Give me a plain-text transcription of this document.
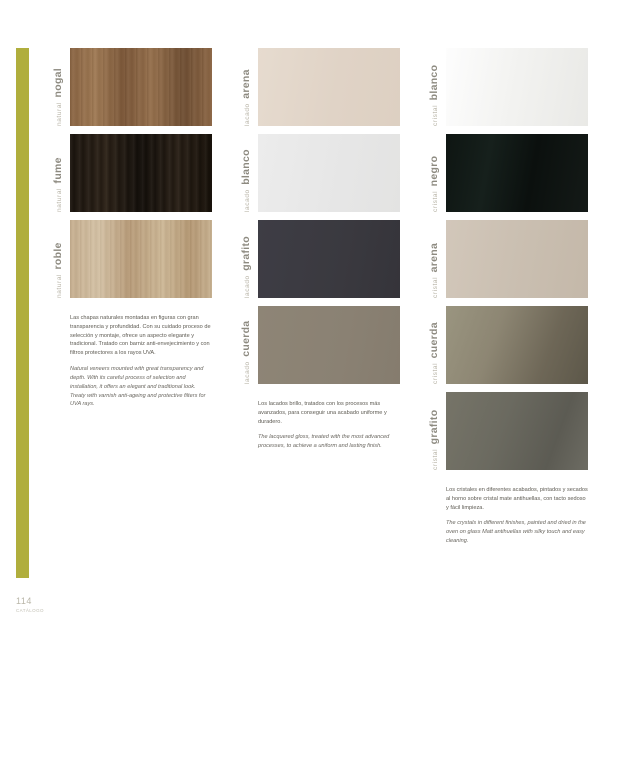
114
CATÁLOGO
natural nogal
natural fume
natural roble

Las chapas naturales montadas en figuras con gran transparencia y profundidad. Con su cuidado proceso de selección y montaje, ofrece un aspecto elegante y tradicional. Tratado con barniz anti-envejecimiento y con filtros protectores a los rayos UVA.

Natural veneers mounted with great transparency and depth. With its careful process of selection and installation, it offers an elegant and traditional look. Treaty with varnish anti-ageing and protective filters for UVA rays.

lacado arena
lacado blanco
lacado grafito
lacado cuerda

Los lacados brillo, tratados con los procesos más avanzados, para conseguir una acabado uniforme y duradero.

The lacquered gloss, treated with the most advanced processes, to achieve a uniform and lasting finish.

cristal blanco
cristal negro
cristal arena
cristal cuerda
cristal grafito

Los cristales en diferentes acabados, pintados y secados al horno sobre cristal mate antihuellas, con tacto sedoso y fácil limpieza.

The crystals in different finishes, painted and dried in the oven on glass Matt antihuellas with silky touch and easy cleaning.
